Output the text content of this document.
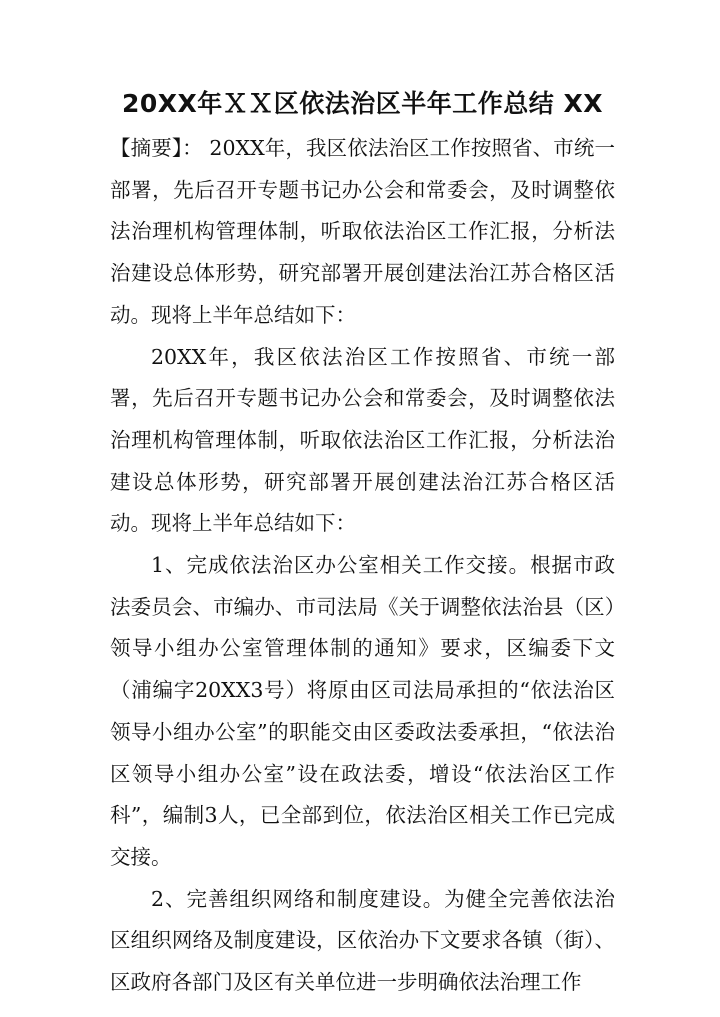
20XX年ＸＸ区依法治区半年工作总结 XX

【摘要】： 20XX年，我区依法治区工作按照省、市统一部署，先后召开专题书记办公会和常委会，及时调整依法治理机构管理体制，听取依法治区工作汇报，分析法治建设总体形势，研究部署开展创建法治江苏合格区活动。现将上半年总结如下：

20XX年，我区依法治区工作按照省、市统一部署，先后召开专题书记办公会和常委会，及时调整依法治理机构管理体制，听取依法治区工作汇报，分析法治建设总体形势，研究部署开展创建法治江苏合格区活动。现将上半年总结如下：

1、完成依法治区办公室相关工作交接。根据市政法委员会、市编办、市司法局《关于调整依法治县（区）领导小组办公室管理体制的通知》要求，区编委下文（浦编字20XX3号）将原由区司法局承担的“依法治区领导小组办公室”的职能交由区委政法委承担，“依法治区领导小组办公室”设在政法委，增设“依法治区工作科”，编制3人，已全部到位，依法治区相关工作已完成交接。

2、完善组织网络和制度建设。为健全完善依法治区组织网络及制度建设，区依治办下文要求各镇（街）、区政府各部门及区有关单位进一步明确依法治理工作
